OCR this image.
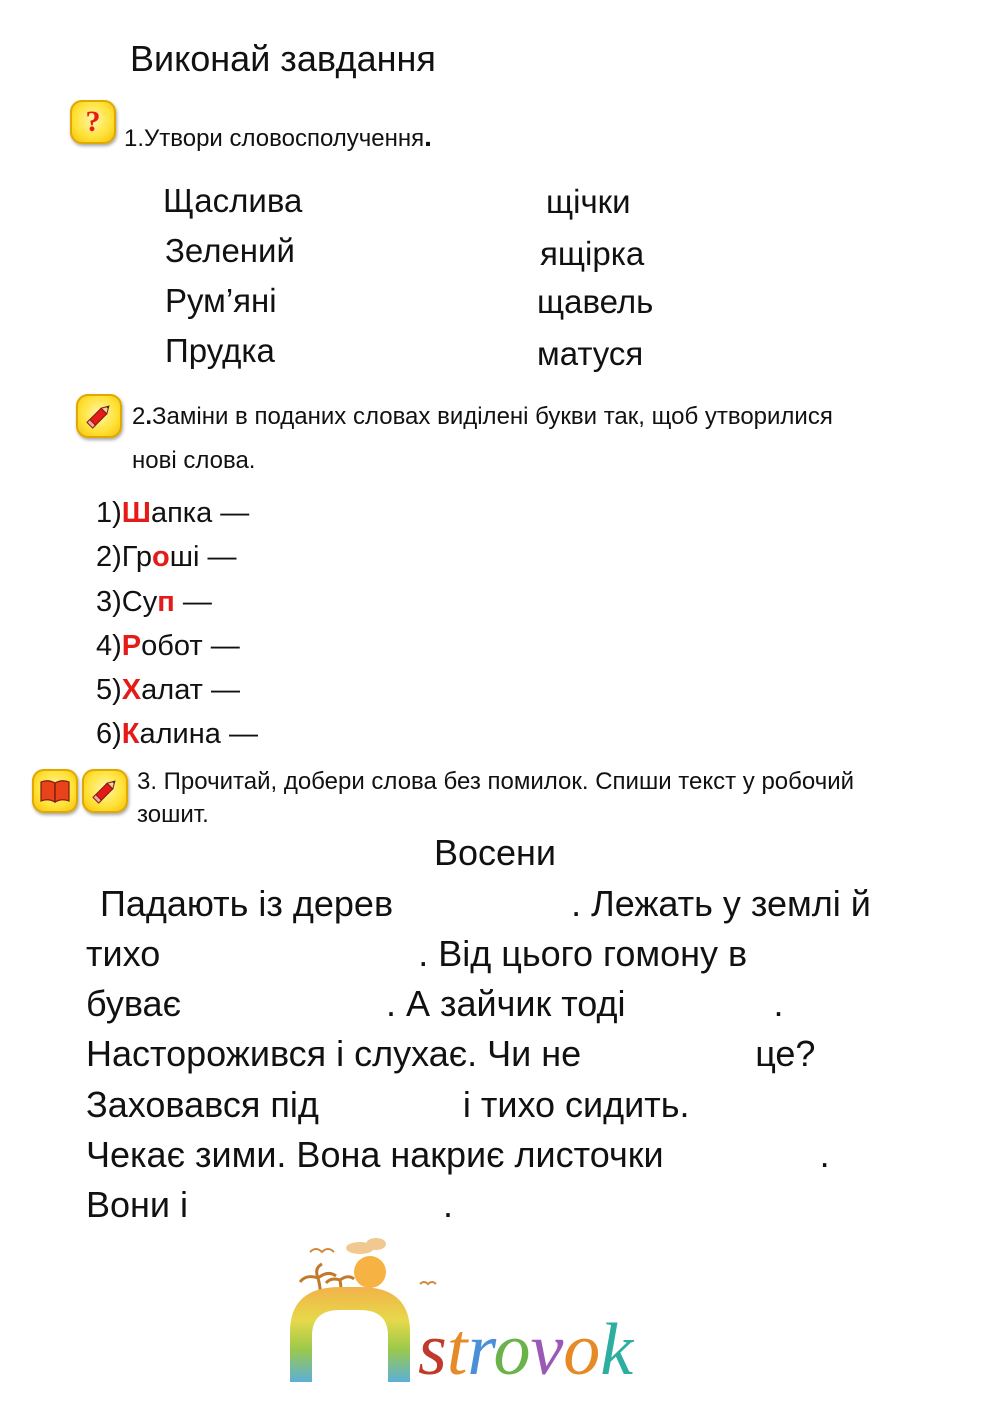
Виконай завдання
?
1.Утвори словосполучення.
Щаслива
Зелений
Рум’яні
Прудка
щічки
ящірка
щавель
матуся
2.Заміни в поданих словах виділені букви так, щоб утворилися
нові слова.
1)Шапка —
2)Гроші —
3)Суп —
4)Робот —
5)Халат —
6)Калина —
3. Прочитай, добери слова без помилок. Спиши текст у робочий
зошит.
Восени
Падають із дерев	. Лежать у землі й
тихо	. Від цього гомону в
буває	. А зайчик тоді	.
Насторожився і слухає. Чи не	це?
Заховався під	і тихо сидить.
Чекає зими. Вона накриє листочки	.
Вони і	.
strovok
